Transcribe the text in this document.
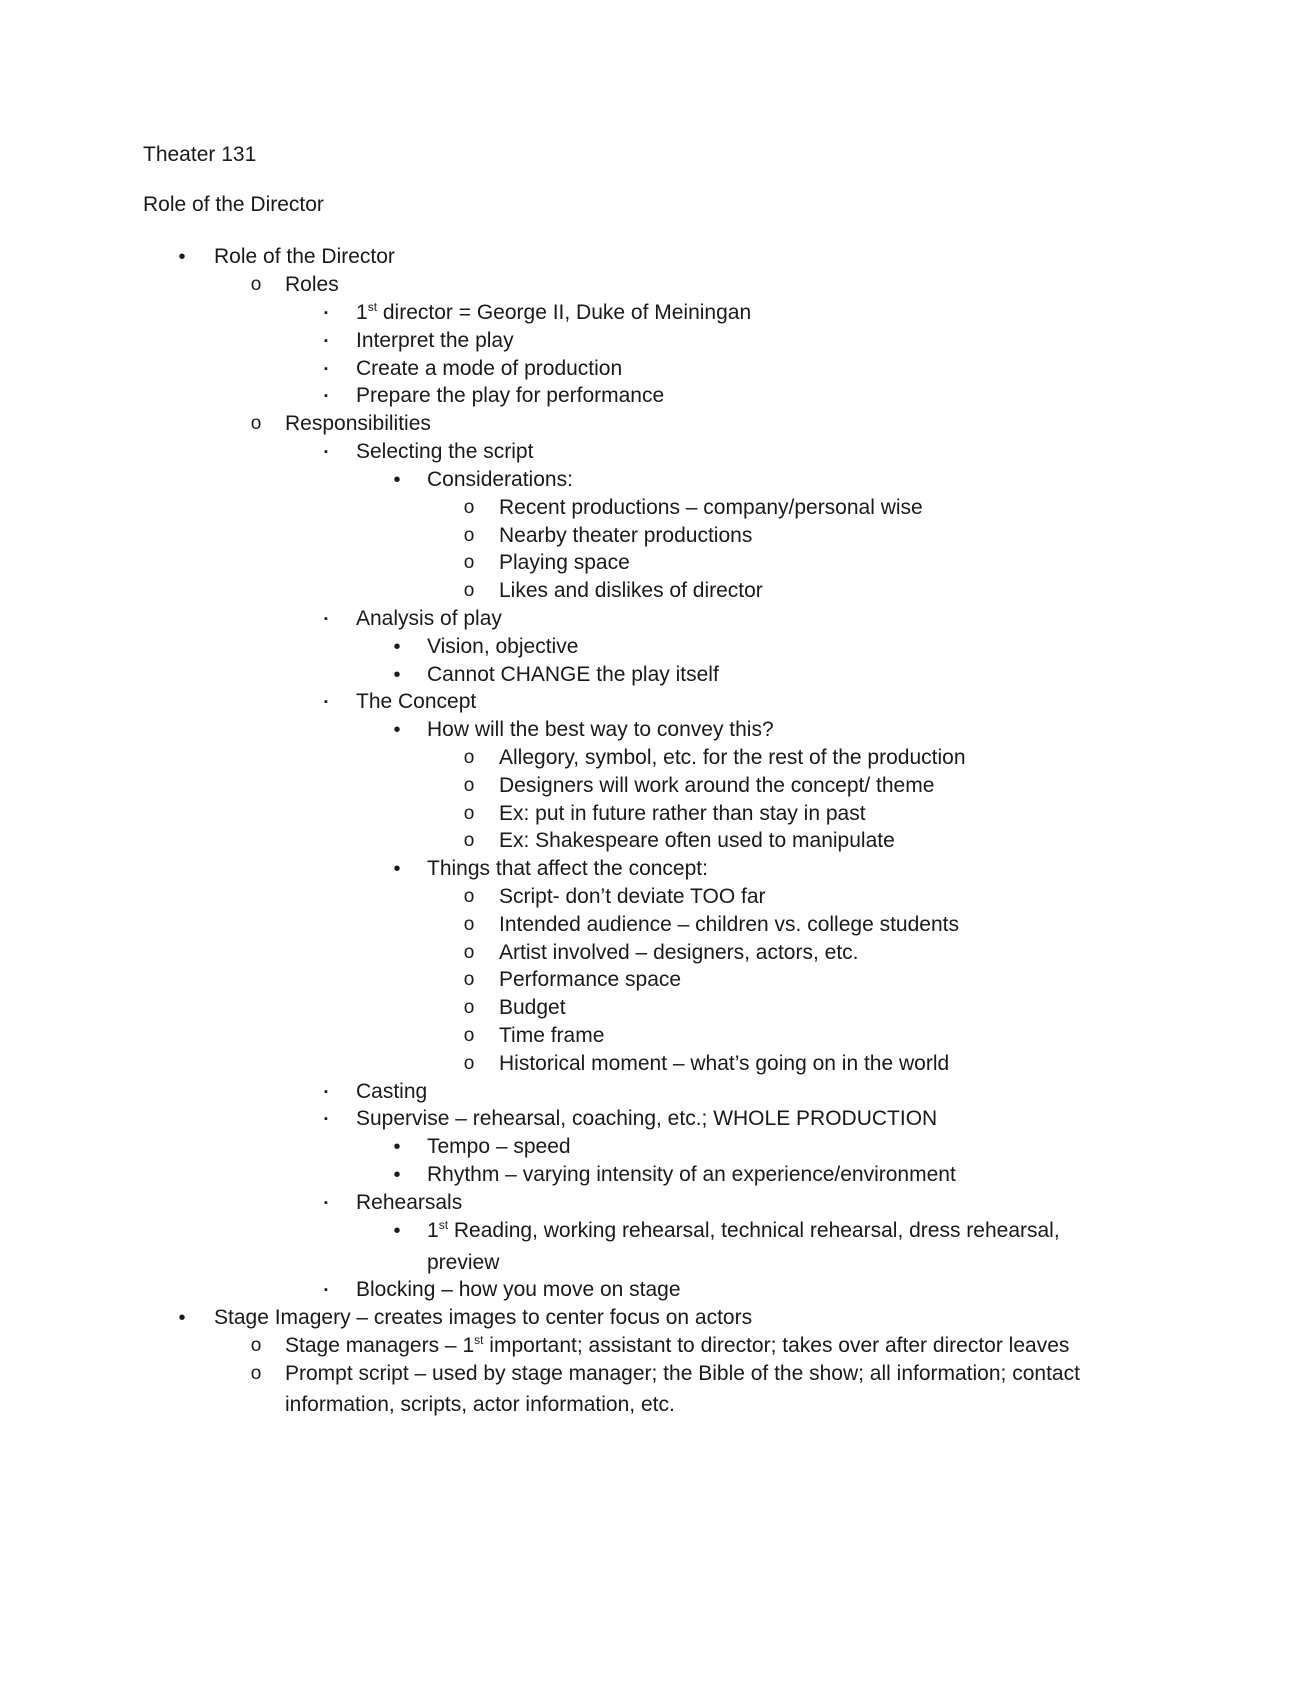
Theater 131
Role of the Director
•	Role of the Director
o Roles
▪	1st director = George II, Duke of Meiningan
▪	Interpret the play
▪	Create a mode of production
▪	Prepare the play for performance
o Responsibilities
▪	Selecting the script
•	Considerations:
o Recent productions – company/personal wise
o Nearby theater productions
o Playing space
o Likes and dislikes of director
▪	Analysis of play
•	Vision, objective
•	Cannot CHANGE the play itself
▪	The Concept
•	How will the best way to convey this?
o Allegory, symbol, etc. for the rest of the production
o Designers will work around the concept/ theme
o Ex: put in future rather than stay in past
o Ex: Shakespeare often used to manipulate
•	Things that affect the concept:
o Script- don’t deviate TOO far
o Intended audience – children vs. college students
o Artist involved – designers, actors, etc.
o Performance space
o Budget
o Time frame
o Historical moment – what’s going on in the world
▪	Casting
▪	Supervise – rehearsal, coaching, etc.; WHOLE PRODUCTION
•	Tempo – speed
•	Rhythm – varying intensity of an experience/environment
▪	Rehearsals
•	1st Reading, working rehearsal, technical rehearsal, dress rehearsal,
preview
▪	Blocking – how you move on stage
•	Stage Imagery – creates images to center focus on actors
o Stage managers – 1st important; assistant to director; takes over after director leaves
o Prompt script – used by stage manager; the Bible of the show; all information; contact
information, scripts, actor information, etc.
